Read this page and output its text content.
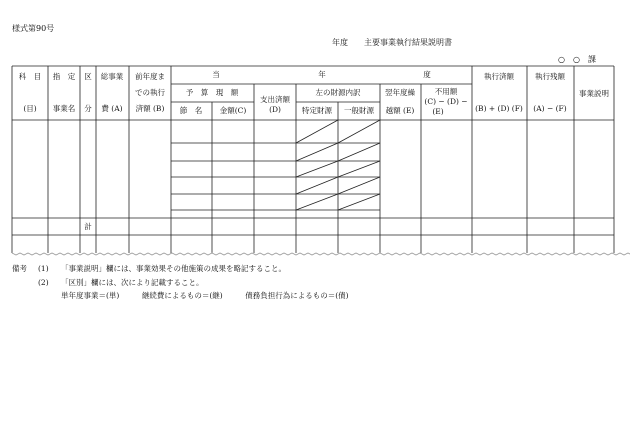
様式第90号
年度　　主要事業執行結果説明書
○　○　課
科　目
(目)
指　定
事業名
区
分
総事業
費 (A)
前年度ま
での執行
済額 (B)
当	年	度
予　算　現　額
節　名 金額(C)
支出済額
(D)
左の財源内訳
特定財源 一般財源
翌年度繰
越額 (E)
不用額
(C) − (D) −
(E)
執行済額
(B) + (D) (F)
執行残額
(A) − (F)
事業説明
計
備考 (1) 「事業説明」欄には、事業効果その他施策の成果を略記すること。
(2) 「区別」欄には、次により記載すること。
単年度事業＝(単)　　　継続費によるもの＝(継)　　　債務負担行為によるもの＝(債)
